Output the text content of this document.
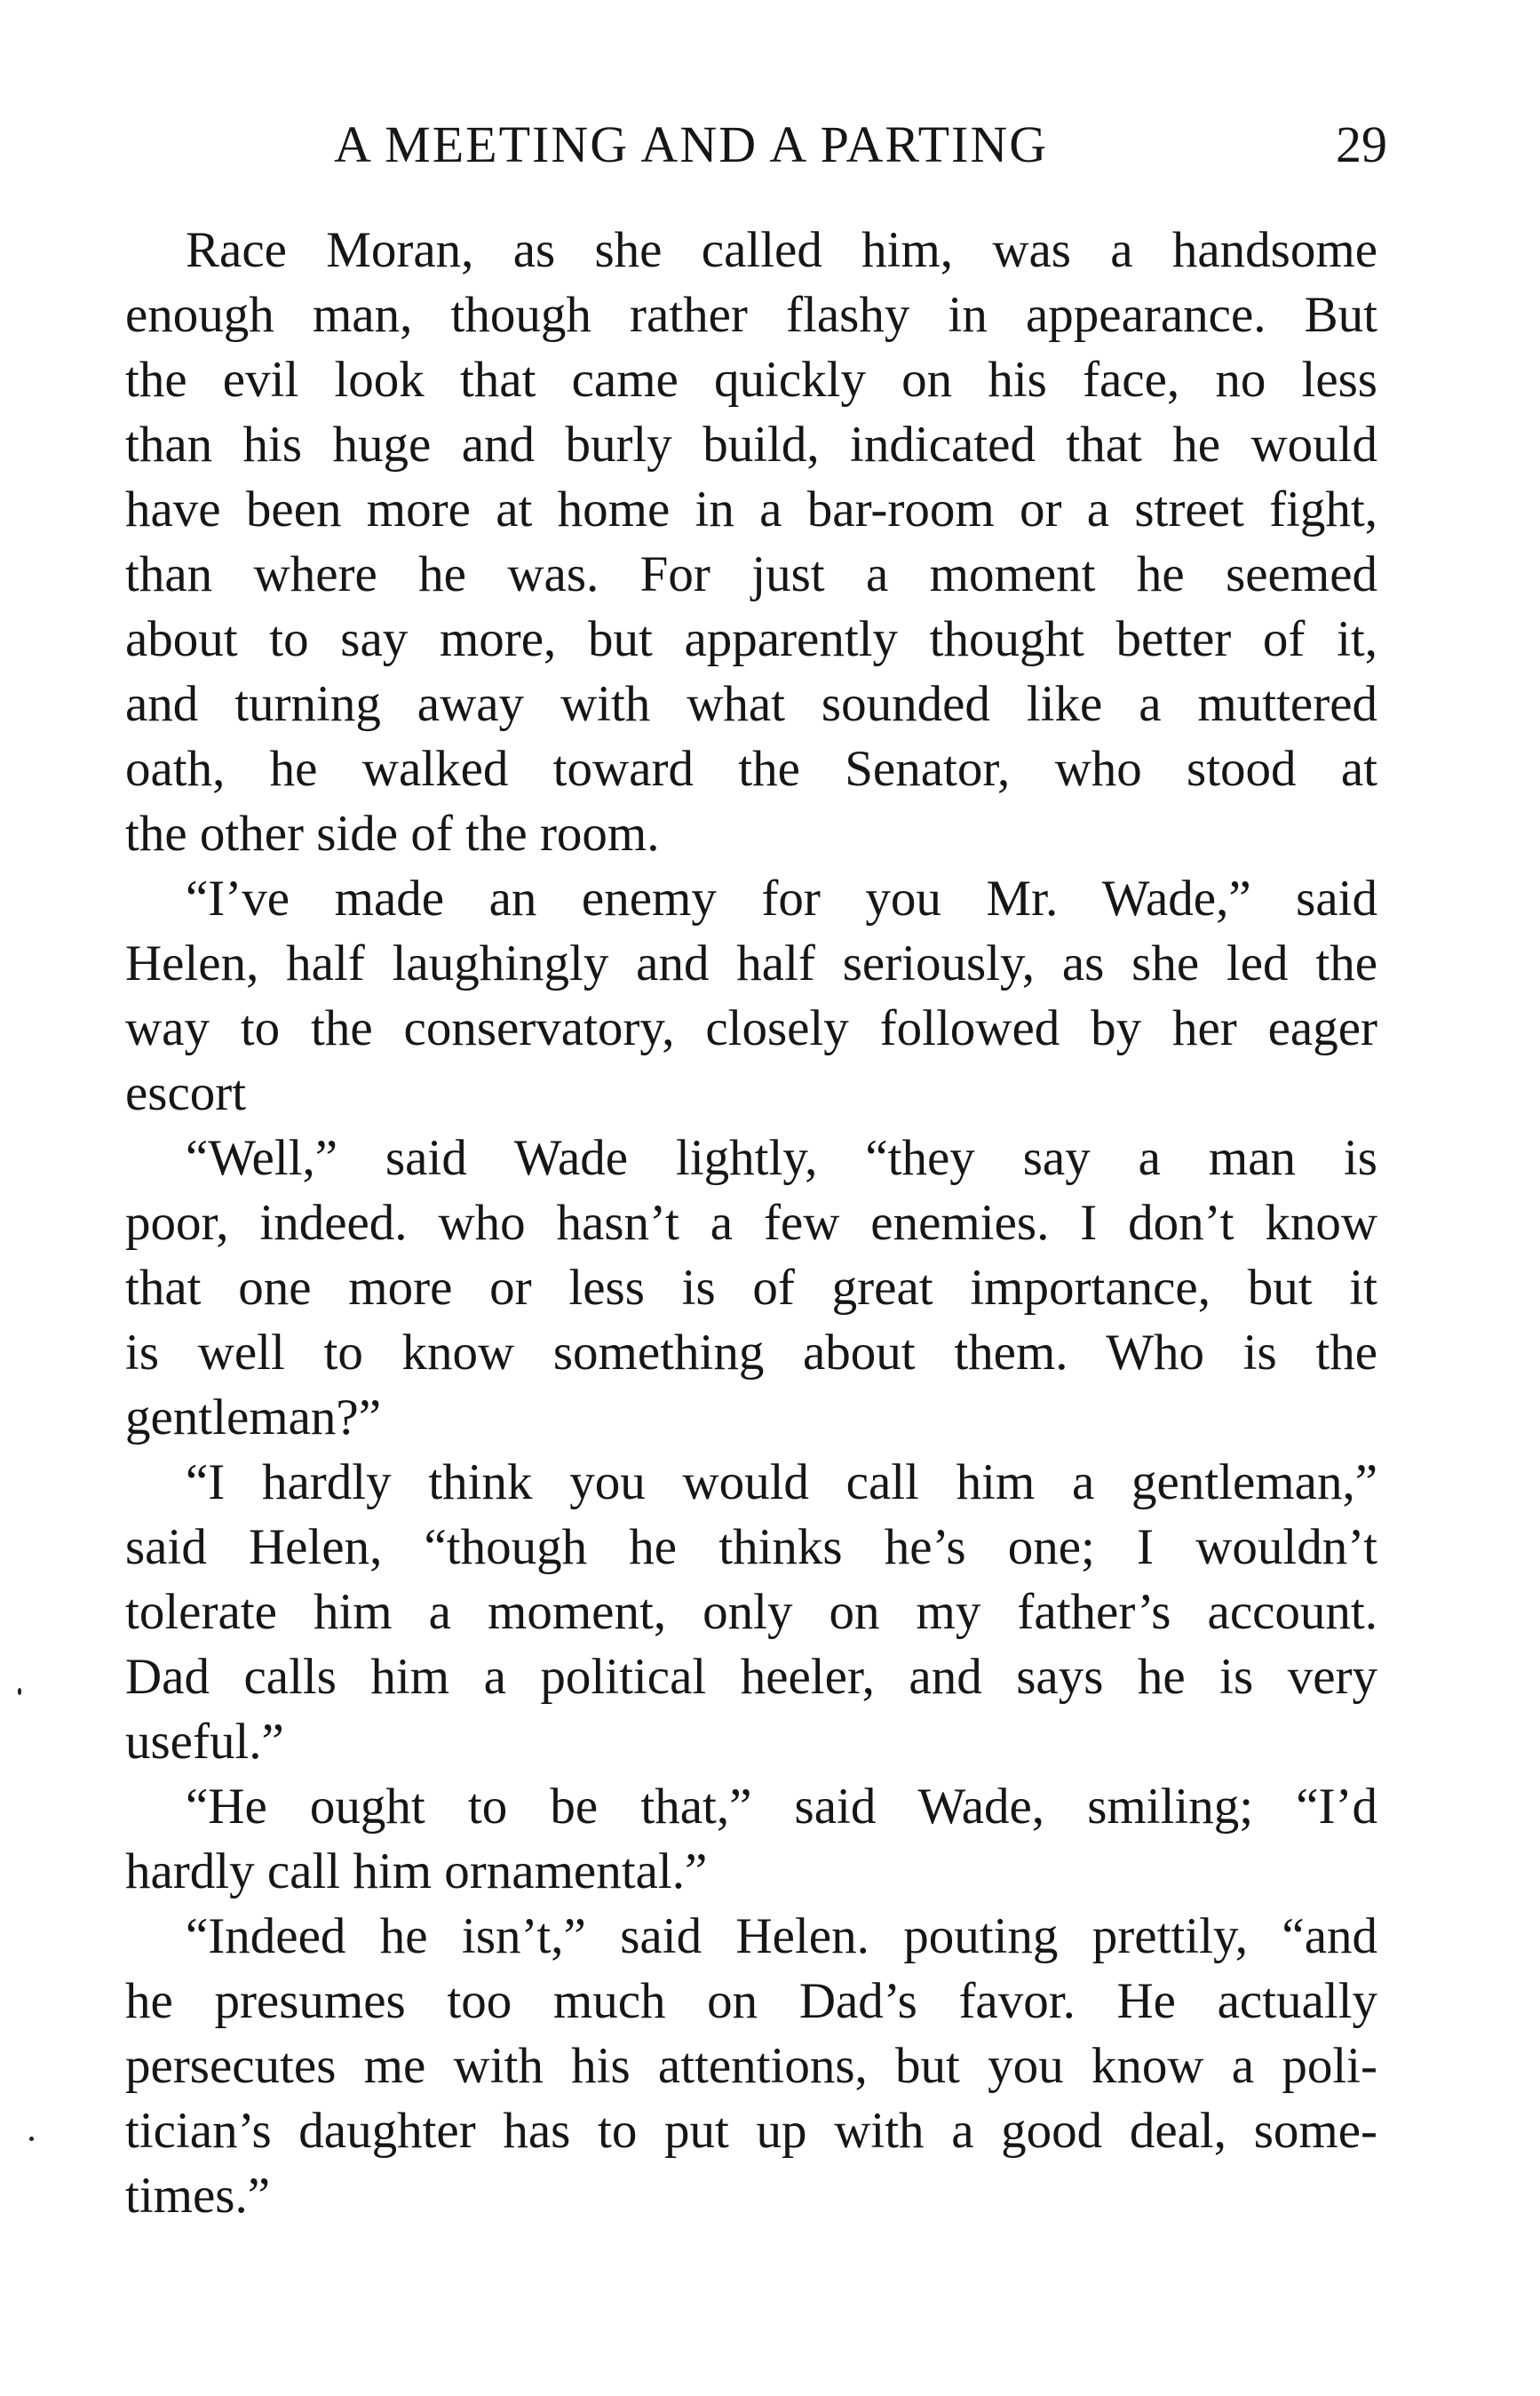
A MEETING AND A PARTING	29
Race Moran, as she called him, was a handsome
enough man, though rather flashy in appearance. But
the evil look that came quickly on his face, no less
than his huge and burly build, indicated that he would
have been more at home in a bar-room or a street fight,
than where he was. For just a moment he seemed
about to say more, but apparently thought better of it,
and turning away with what sounded like a muttered
oath, he walked toward the Senator, who stood at
the other side of the room.
“I’ve made an enemy for you Mr. Wade,” said
Helen, half laughingly and half seriously, as she led the
way to the conservatory, closely followed by her eager
escort
“Well,” said Wade lightly, “they say a man is
poor, indeed. who hasn’t a few enemies. I don’t know
that one more or less is of great importance, but it
is well to know something about them. Who is the
gentleman?”
“I hardly think you would call him a gentleman,”
said Helen, “though he thinks he’s one; I wouldn’t
tolerate him a moment, only on my father’s account.
Dad calls him a political heeler, and says he is very
useful.”
“He ought to be that,” said Wade, smiling; “I’d
hardly call him ornamental.”
“Indeed he isn’t,” said Helen. pouting prettily, “and
he presumes too much on Dad’s favor. He actually
persecutes me with his attentions, but you know a poli-
tician’s daughter has to put up with a good deal, some-
times.”
